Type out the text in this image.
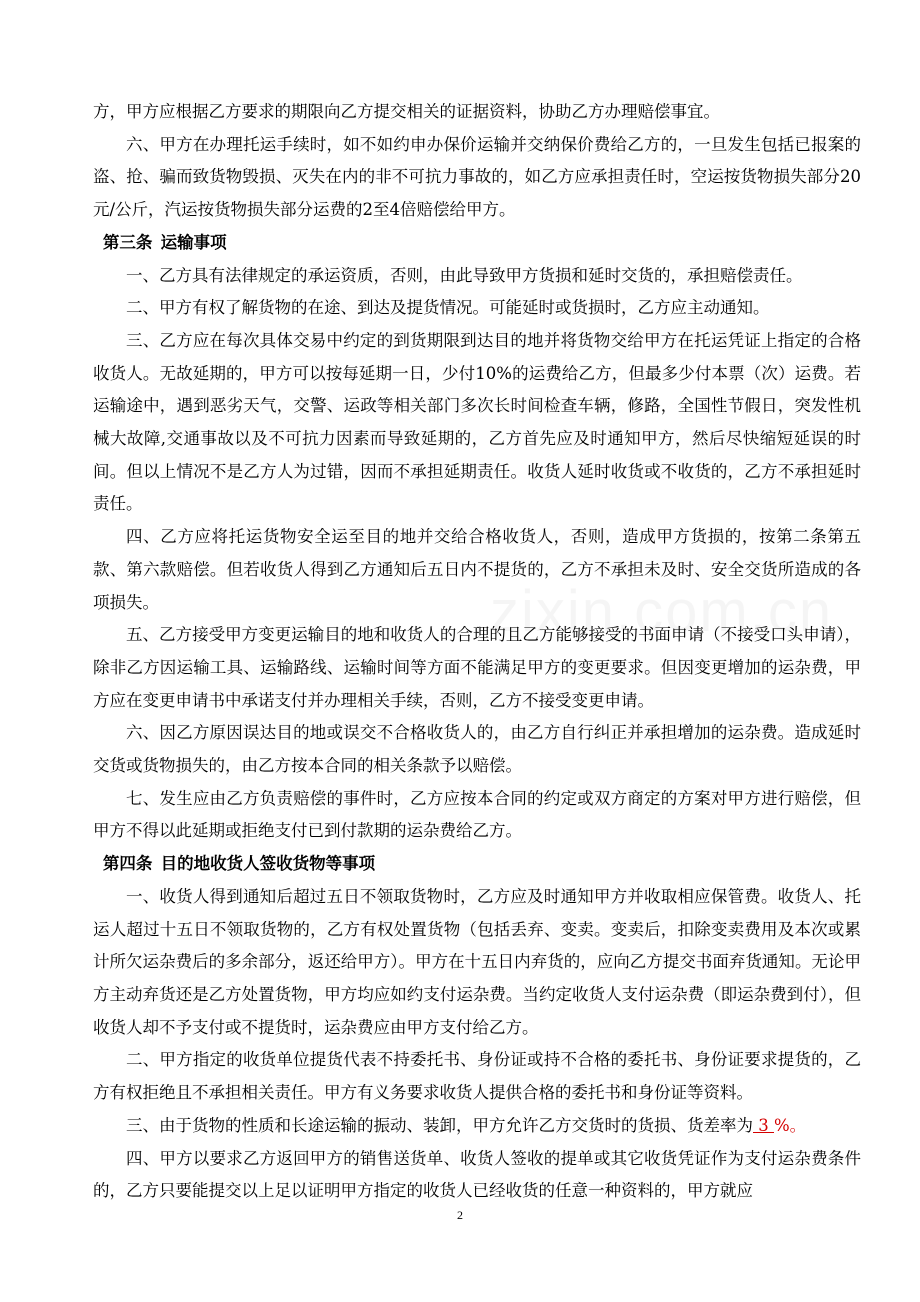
方，甲方应根据乙方要求的期限向乙方提交相关的证据资料，协助乙方办理赔偿事宜。

六、甲方在办理托运手续时，如不如约申办保价运输并交纳保价费给乙方的，一旦发生包括已报案的盗、抢、骗而致货物毁损、灭失在内的非不可抗力事故的，如乙方应承担责任时，空运按货物损失部分20元/公斤，汽运按货物损失部分运费的2至4倍赔偿给甲方。

第三条 运输事项

一、乙方具有法律规定的承运资质，否则，由此导致甲方货损和延时交货的，承担赔偿责任。

二、甲方有权了解货物的在途、到达及提货情况。可能延时或货损时，乙方应主动通知。

三、乙方应在每次具体交易中约定的到货期限到达目的地并将货物交给甲方在托运凭证上指定的合格收货人。无故延期的，甲方可以按每延期一日，少付10%的运费给乙方，但最多少付本票（次）运费。若运输途中，遇到恶劣天气，交警、运政等相关部门多次长时间检查车辆，修路，全国性节假日，突发性机械大故障,交通事故以及不可抗力因素而导致延期的，乙方首先应及时通知甲方，然后尽快缩短延误的时间。但以上情况不是乙方人为过错，因而不承担延期责任。收货人延时收货或不收货的，乙方不承担延时责任。

四、乙方应将托运货物安全运至目的地并交给合格收货人，否则，造成甲方货损的，按第二条第五款、第六款赔偿。但若收货人得到乙方通知后五日内不提货的，乙方不承担未及时、安全交货所造成的各项损失。

五、乙方接受甲方变更运输目的地和收货人的合理的且乙方能够接受的书面申请（不接受口头申请），除非乙方因运输工具、运输路线、运输时间等方面不能满足甲方的变更要求。但因变更增加的运杂费，甲方应在变更申请书中承诺支付并办理相关手续，否则，乙方不接受变更申请。

六、因乙方原因误达目的地或误交不合格收货人的，由乙方自行纠正并承担增加的运杂费。造成延时交货或货物损失的，由乙方按本合同的相关条款予以赔偿。

七、发生应由乙方负责赔偿的事件时，乙方应按本合同的约定或双方商定的方案对甲方进行赔偿，但甲方不得以此延期或拒绝支付已到付款期的运杂费给乙方。

第四条 目的地收货人签收货物等事项

一、收货人得到通知后超过五日不领取货物时，乙方应及时通知甲方并收取相应保管费。收货人、托运人超过十五日不领取货物的，乙方有权处置货物（包括丢弃、变卖。变卖后，扣除变卖费用及本次或累计所欠运杂费后的多余部分，返还给甲方）。甲方在十五日内弃货的，应向乙方提交书面弃货通知。无论甲方主动弃货还是乙方处置货物，甲方均应如约支付运杂费。当约定收货人支付运杂费（即运杂费到付），但收货人却不予支付或不提货时，运杂费应由甲方支付给乙方。

二、甲方指定的收货单位提货代表不持委托书、身份证或持不合格的委托书、身份证要求提货的，乙方有权拒绝且不承担相关责任。甲方有义务要求收货人提供合格的委托书和身份证等资料。

三、由于货物的性质和长途运输的振动、装卸，甲方允许乙方交货时的货损、货差率为 3 %。

四、甲方以要求乙方返回甲方的销售送货单、收货人签收的提单或其它收货凭证作为支付运杂费条件的，乙方只要能提交以上足以证明甲方指定的收货人已经收货的任意一种资料的，甲方就应

2
